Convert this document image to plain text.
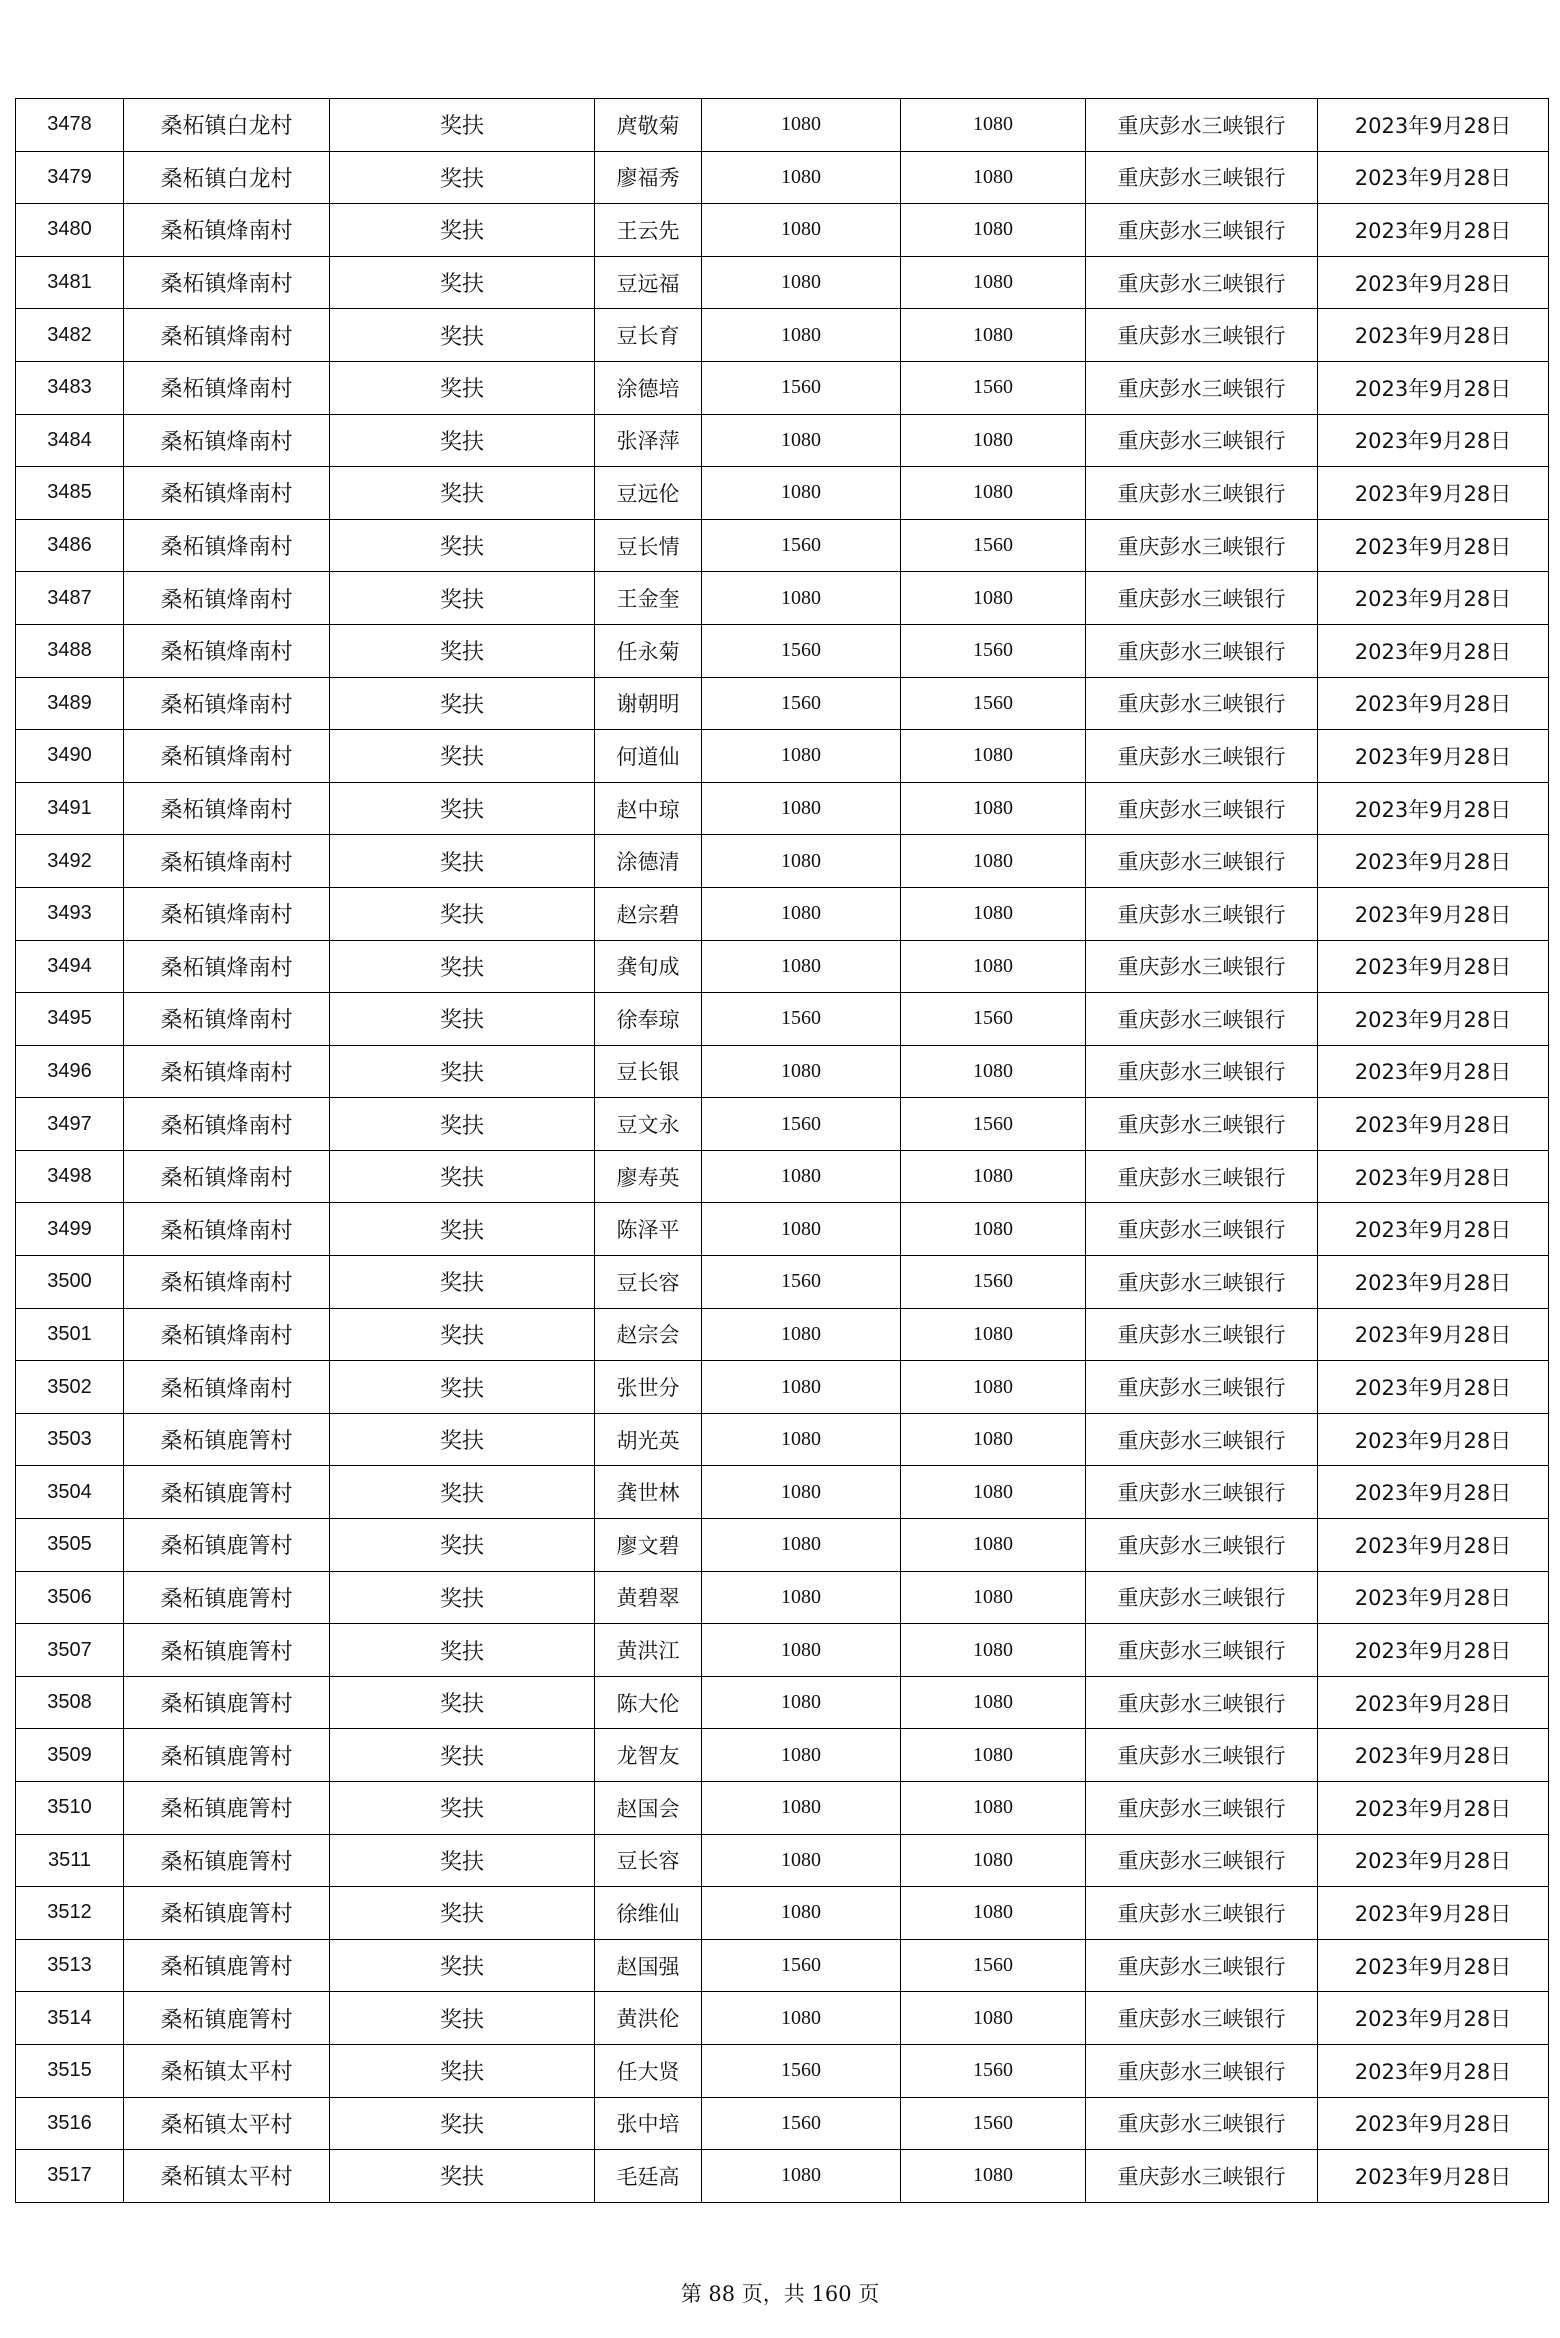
3478	桑柘镇白龙村	奖扶	庹敬菊	1080	1080	重庆彭水三峡银行	2023年9月28日
3479	桑柘镇白龙村	奖扶	廖福秀	1080	1080	重庆彭水三峡银行	2023年9月28日
3480	桑柘镇烽南村	奖扶	王云先	1080	1080	重庆彭水三峡银行	2023年9月28日
3481	桑柘镇烽南村	奖扶	豆远福	1080	1080	重庆彭水三峡银行	2023年9月28日
3482	桑柘镇烽南村	奖扶	豆长育	1080	1080	重庆彭水三峡银行	2023年9月28日
3483	桑柘镇烽南村	奖扶	涂德培	1560	1560	重庆彭水三峡银行	2023年9月28日
3484	桑柘镇烽南村	奖扶	张泽萍	1080	1080	重庆彭水三峡银行	2023年9月28日
3485	桑柘镇烽南村	奖扶	豆远伦	1080	1080	重庆彭水三峡银行	2023年9月28日
3486	桑柘镇烽南村	奖扶	豆长情	1560	1560	重庆彭水三峡银行	2023年9月28日
3487	桑柘镇烽南村	奖扶	王金奎	1080	1080	重庆彭水三峡银行	2023年9月28日
3488	桑柘镇烽南村	奖扶	任永菊	1560	1560	重庆彭水三峡银行	2023年9月28日
3489	桑柘镇烽南村	奖扶	谢朝明	1560	1560	重庆彭水三峡银行	2023年9月28日
3490	桑柘镇烽南村	奖扶	何道仙	1080	1080	重庆彭水三峡银行	2023年9月28日
3491	桑柘镇烽南村	奖扶	赵中琼	1080	1080	重庆彭水三峡银行	2023年9月28日
3492	桑柘镇烽南村	奖扶	涂德清	1080	1080	重庆彭水三峡银行	2023年9月28日
3493	桑柘镇烽南村	奖扶	赵宗碧	1080	1080	重庆彭水三峡银行	2023年9月28日
3494	桑柘镇烽南村	奖扶	龚旬成	1080	1080	重庆彭水三峡银行	2023年9月28日
3495	桑柘镇烽南村	奖扶	徐奉琼	1560	1560	重庆彭水三峡银行	2023年9月28日
3496	桑柘镇烽南村	奖扶	豆长银	1080	1080	重庆彭水三峡银行	2023年9月28日
3497	桑柘镇烽南村	奖扶	豆文永	1560	1560	重庆彭水三峡银行	2023年9月28日
3498	桑柘镇烽南村	奖扶	廖寿英	1080	1080	重庆彭水三峡银行	2023年9月28日
3499	桑柘镇烽南村	奖扶	陈泽平	1080	1080	重庆彭水三峡银行	2023年9月28日
3500	桑柘镇烽南村	奖扶	豆长容	1560	1560	重庆彭水三峡银行	2023年9月28日
3501	桑柘镇烽南村	奖扶	赵宗会	1080	1080	重庆彭水三峡银行	2023年9月28日
3502	桑柘镇烽南村	奖扶	张世分	1080	1080	重庆彭水三峡银行	2023年9月28日
3503	桑柘镇鹿箐村	奖扶	胡光英	1080	1080	重庆彭水三峡银行	2023年9月28日
3504	桑柘镇鹿箐村	奖扶	龚世林	1080	1080	重庆彭水三峡银行	2023年9月28日
3505	桑柘镇鹿箐村	奖扶	廖文碧	1080	1080	重庆彭水三峡银行	2023年9月28日
3506	桑柘镇鹿箐村	奖扶	黄碧翠	1080	1080	重庆彭水三峡银行	2023年9月28日
3507	桑柘镇鹿箐村	奖扶	黄洪江	1080	1080	重庆彭水三峡银行	2023年9月28日
3508	桑柘镇鹿箐村	奖扶	陈大伦	1080	1080	重庆彭水三峡银行	2023年9月28日
3509	桑柘镇鹿箐村	奖扶	龙智友	1080	1080	重庆彭水三峡银行	2023年9月28日
3510	桑柘镇鹿箐村	奖扶	赵国会	1080	1080	重庆彭水三峡银行	2023年9月28日
3511	桑柘镇鹿箐村	奖扶	豆长容	1080	1080	重庆彭水三峡银行	2023年9月28日
3512	桑柘镇鹿箐村	奖扶	徐维仙	1080	1080	重庆彭水三峡银行	2023年9月28日
3513	桑柘镇鹿箐村	奖扶	赵国强	1560	1560	重庆彭水三峡银行	2023年9月28日
3514	桑柘镇鹿箐村	奖扶	黄洪伦	1080	1080	重庆彭水三峡银行	2023年9月28日
3515	桑柘镇太平村	奖扶	任大贤	1560	1560	重庆彭水三峡银行	2023年9月28日
3516	桑柘镇太平村	奖扶	张中培	1560	1560	重庆彭水三峡银行	2023年9月28日
3517	桑柘镇太平村	奖扶	毛廷高	1080	1080	重庆彭水三峡银行	2023年9月28日
第 88 页，共 160 页
